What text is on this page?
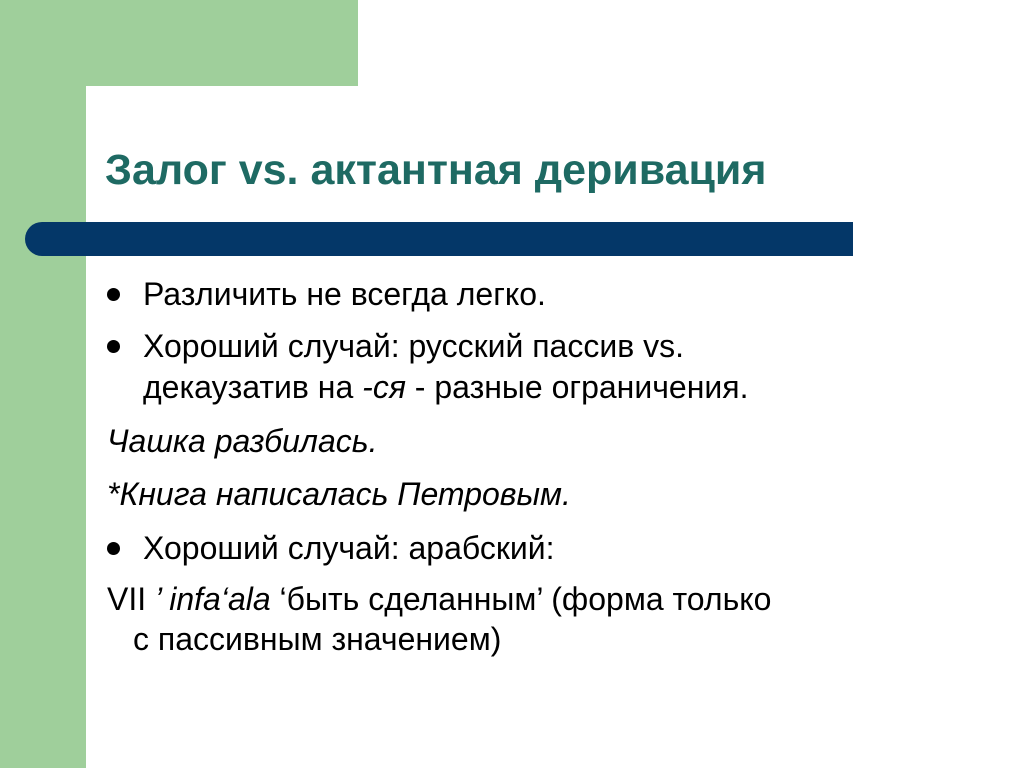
Залог vs. актантная деривация
Различить не всегда легко.
Хороший случай: русский пассив vs.
декаузатив на -ся - разные ограничения.
Чашка разбилась.
*Книга написалась Петровым.
Хороший случай: арабский:
VII ’ infa‘ala ‘быть сделанным’ (форма только
с пассивным значением)
